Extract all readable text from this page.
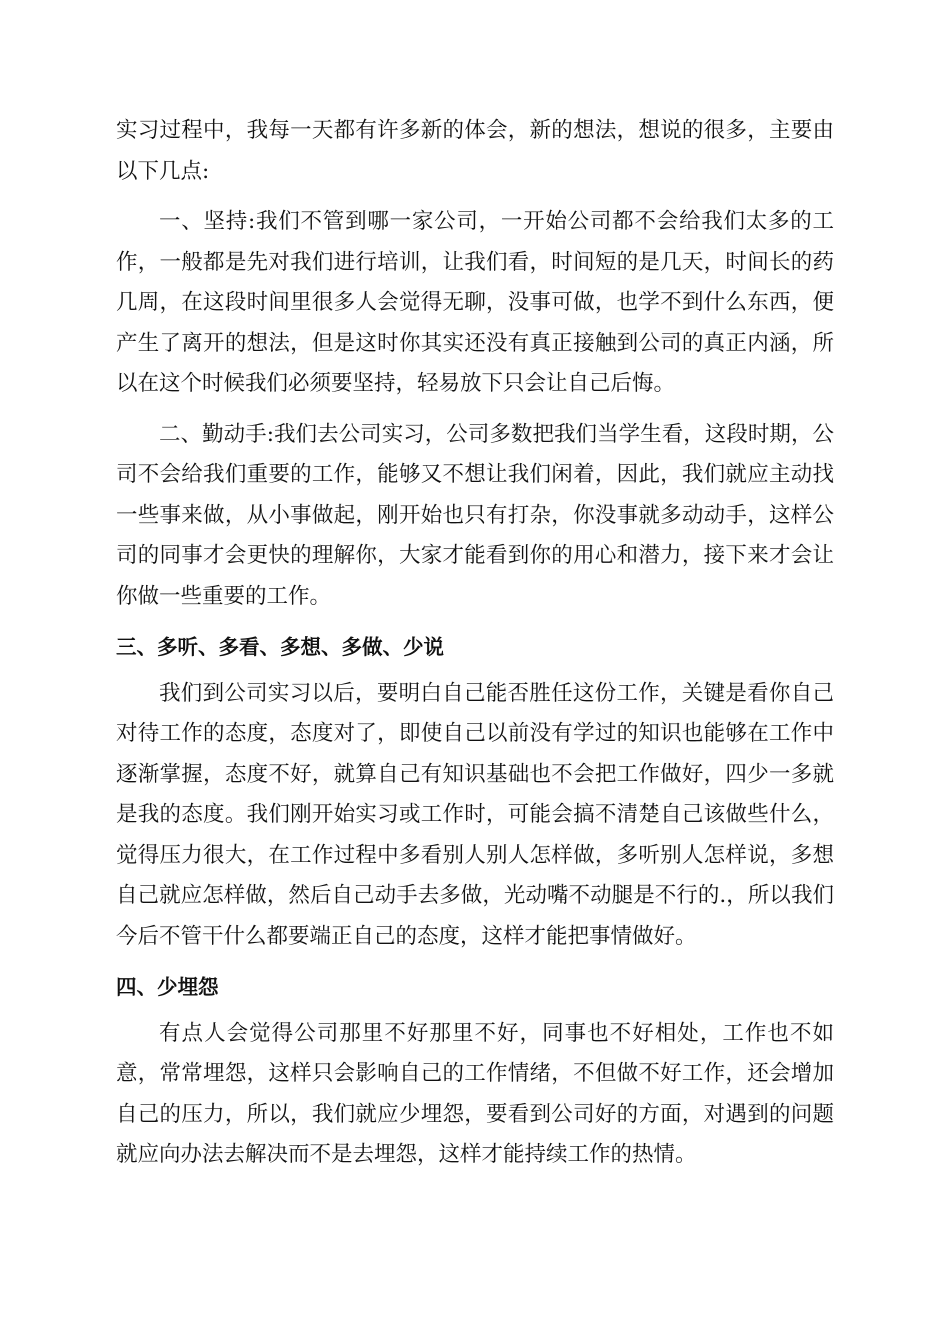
实习过程中，我每一天都有许多新的体会，新的想法，想说的很多，主要由以下几点:

一、坚持:我们不管到哪一家公司，一开始公司都不会给我们太多的工作，一般都是先对我们进行培训，让我们看，时间短的是几天，时间长的药几周，在这段时间里很多人会觉得无聊，没事可做，也学不到什么东西，便产生了离开的想法，但是这时你其实还没有真正接触到公司的真正内涵，所以在这个时候我们必须要坚持，轻易放下只会让自己后悔。

二、勤动手:我们去公司实习，公司多数把我们当学生看，这段时期，公司不会给我们重要的工作，能够又不想让我们闲着，因此，我们就应主动找一些事来做，从小事做起，刚开始也只有打杂，你没事就多动动手，这样公司的同事才会更快的理解你，大家才能看到你的用心和潜力，接下来才会让你做一些重要的工作。

三、多听、多看、多想、多做、少说

我们到公司实习以后，要明白自己能否胜任这份工作，关键是看你自己对待工作的态度，态度对了，即使自己以前没有学过的知识也能够在工作中逐渐掌握，态度不好，就算自己有知识基础也不会把工作做好，四少一多就是我的态度。我们刚开始实习或工作时，可能会搞不清楚自己该做些什么，觉得压力很大，在工作过程中多看别人别人怎样做，多听别人怎样说，多想自己就应怎样做，然后自己动手去多做，光动嘴不动腿是不行的.，所以我们今后不管干什么都要端正自己的态度，这样才能把事情做好。

四、少埋怨

有点人会觉得公司那里不好那里不好，同事也不好相处，工作也不如意，常常埋怨，这样只会影响自己的工作情绪，不但做不好工作，还会增加自己的压力，所以，我们就应少埋怨，要看到公司好的方面，对遇到的问题就应向办法去解决而不是去埋怨，这样才能持续工作的热情。
